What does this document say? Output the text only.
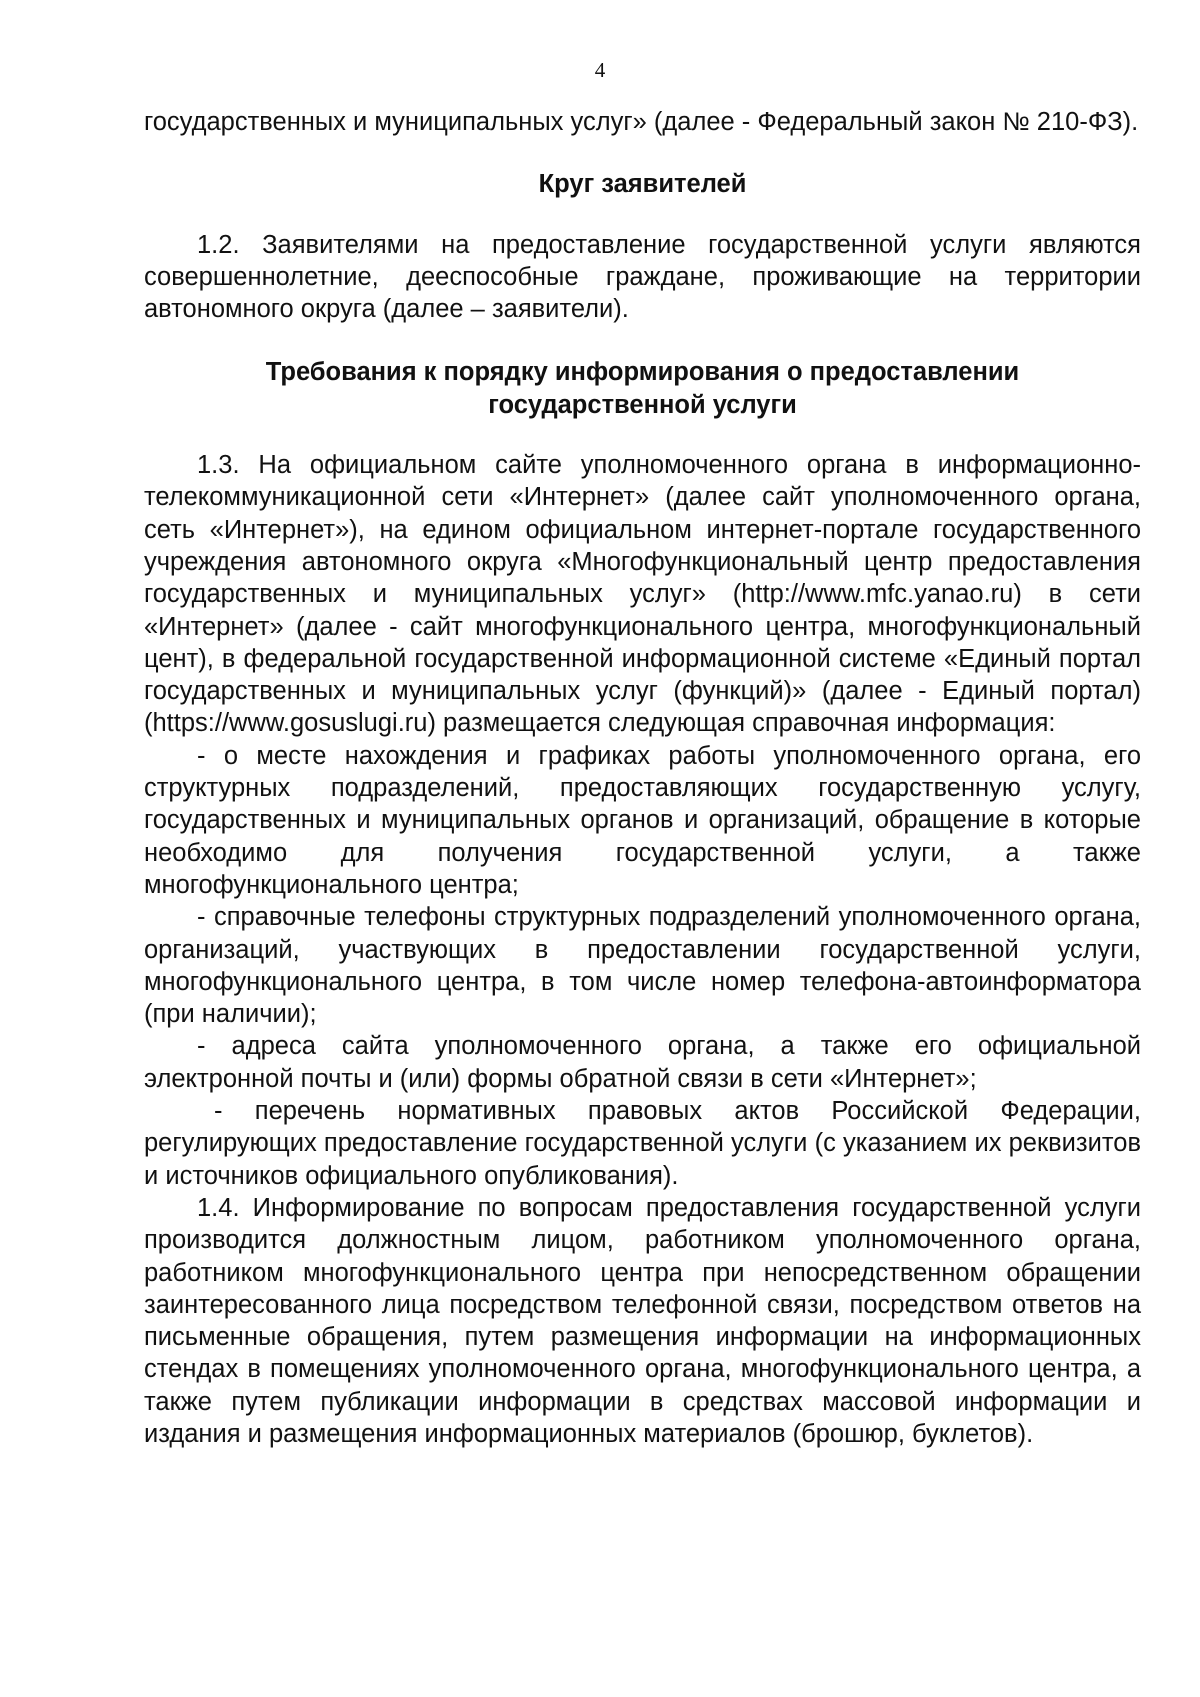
4

государственных и муниципальных услуг» (далее - Федеральный закон № 210-ФЗ).

Круг заявителей

1.2. Заявителями на предоставление государственной услуги являются совершеннолетние, дееспособные граждане, проживающие на территории автономного округа (далее – заявители).

Требования к порядку информирования о предоставлении
государственной услуги

1.3. На официальном сайте уполномоченного органа в информационно-телекоммуникационной сети «Интернет» (далее сайт уполномоченного органа, сеть «Интернет»), на едином официальном интернет-портале государственного учреждения автономного округа «Многофункциональный центр предоставления государственных и муниципальных услуг» (http://www.mfc.yanao.ru) в сети «Интернет» (далее - сайт многофункционального центра, многофункциональный цент), в федеральной государственной информационной системе «Единый портал государственных и муниципальных услуг (функций)» (далее - Единый портал) (https://www.gosuslugi.ru) размещается следующая справочная информация:

- о месте нахождения и графиках работы уполномоченного органа, его структурных подразделений, предоставляющих государственную услугу, государственных и муниципальных органов и организаций, обращение в которые необходимо для получения государственной услуги, а также многофункционального центра;

- справочные телефоны структурных подразделений уполномоченного органа, организаций, участвующих в предоставлении государственной услуги, многофункционального центра, в том числе номер телефона-автоинформатора (при наличии);

- адреса сайта уполномоченного органа, а также его официальной электронной почты и (или) формы обратной связи в сети «Интернет»;

- перечень нормативных правовых актов Российской Федерации, регулирующих предоставление государственной услуги (с указанием их реквизитов и источников официального опубликования).

1.4. Информирование по вопросам предоставления государственной услуги производится должностным лицом, работником уполномоченного органа, работником многофункционального центра при непосредственном обращении заинтересованного лица посредством телефонной связи, посредством ответов на письменные обращения, путем размещения информации на информационных стендах в помещениях уполномоченного органа, многофункционального центра, а также путем публикации информации в средствах массовой информации и издания и размещения информационных материалов (брошюр, буклетов).
